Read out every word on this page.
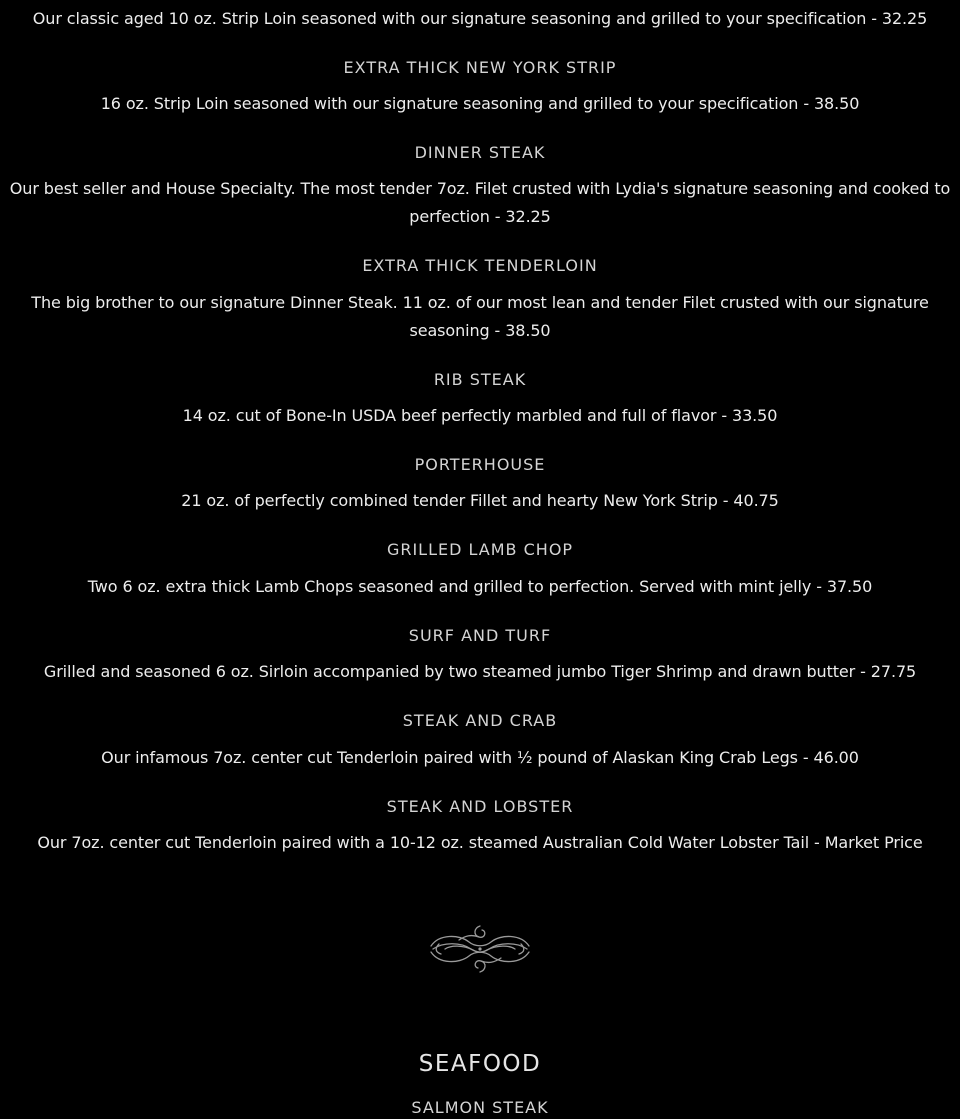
Our classic aged 10 oz. Strip Loin seasoned with our signature seasoning and grilled to your specification - 32.25

EXTRA THICK NEW YORK STRIP

16 oz. Strip Loin seasoned with our signature seasoning and grilled to your specification - 38.50

DINNER STEAK

Our best seller and House Specialty. The most tender 7oz. Filet crusted with Lydia's signature seasoning and cooked to perfection - 32.25

EXTRA THICK TENDERLOIN

The big brother to our signature Dinner Steak. 11 oz. of our most lean and tender Filet crusted with our signature seasoning - 38.50

RIB STEAK

14 oz. cut of Bone-In USDA beef perfectly marbled and full of flavor - 33.50

PORTERHOUSE

21 oz. of perfectly combined tender Fillet and hearty New York Strip - 40.75

GRILLED LAMB CHOP

Two 6 oz. extra thick Lamb Chops seasoned and grilled to perfection. Served with mint jelly - 37.50

SURF AND TURF

Grilled and seasoned 6 oz. Sirloin accompanied by two steamed jumbo Tiger Shrimp and drawn butter - 27.75

STEAK AND CRAB

Our infamous 7oz. center cut Tenderloin paired with ½ pound of Alaskan King Crab Legs - 46.00

STEAK AND LOBSTER

Our 7oz. center cut Tenderloin paired with a 10-12 oz. steamed Australian Cold Water Lobster Tail - Market Price

SEAFOOD
SALMON STEAK
